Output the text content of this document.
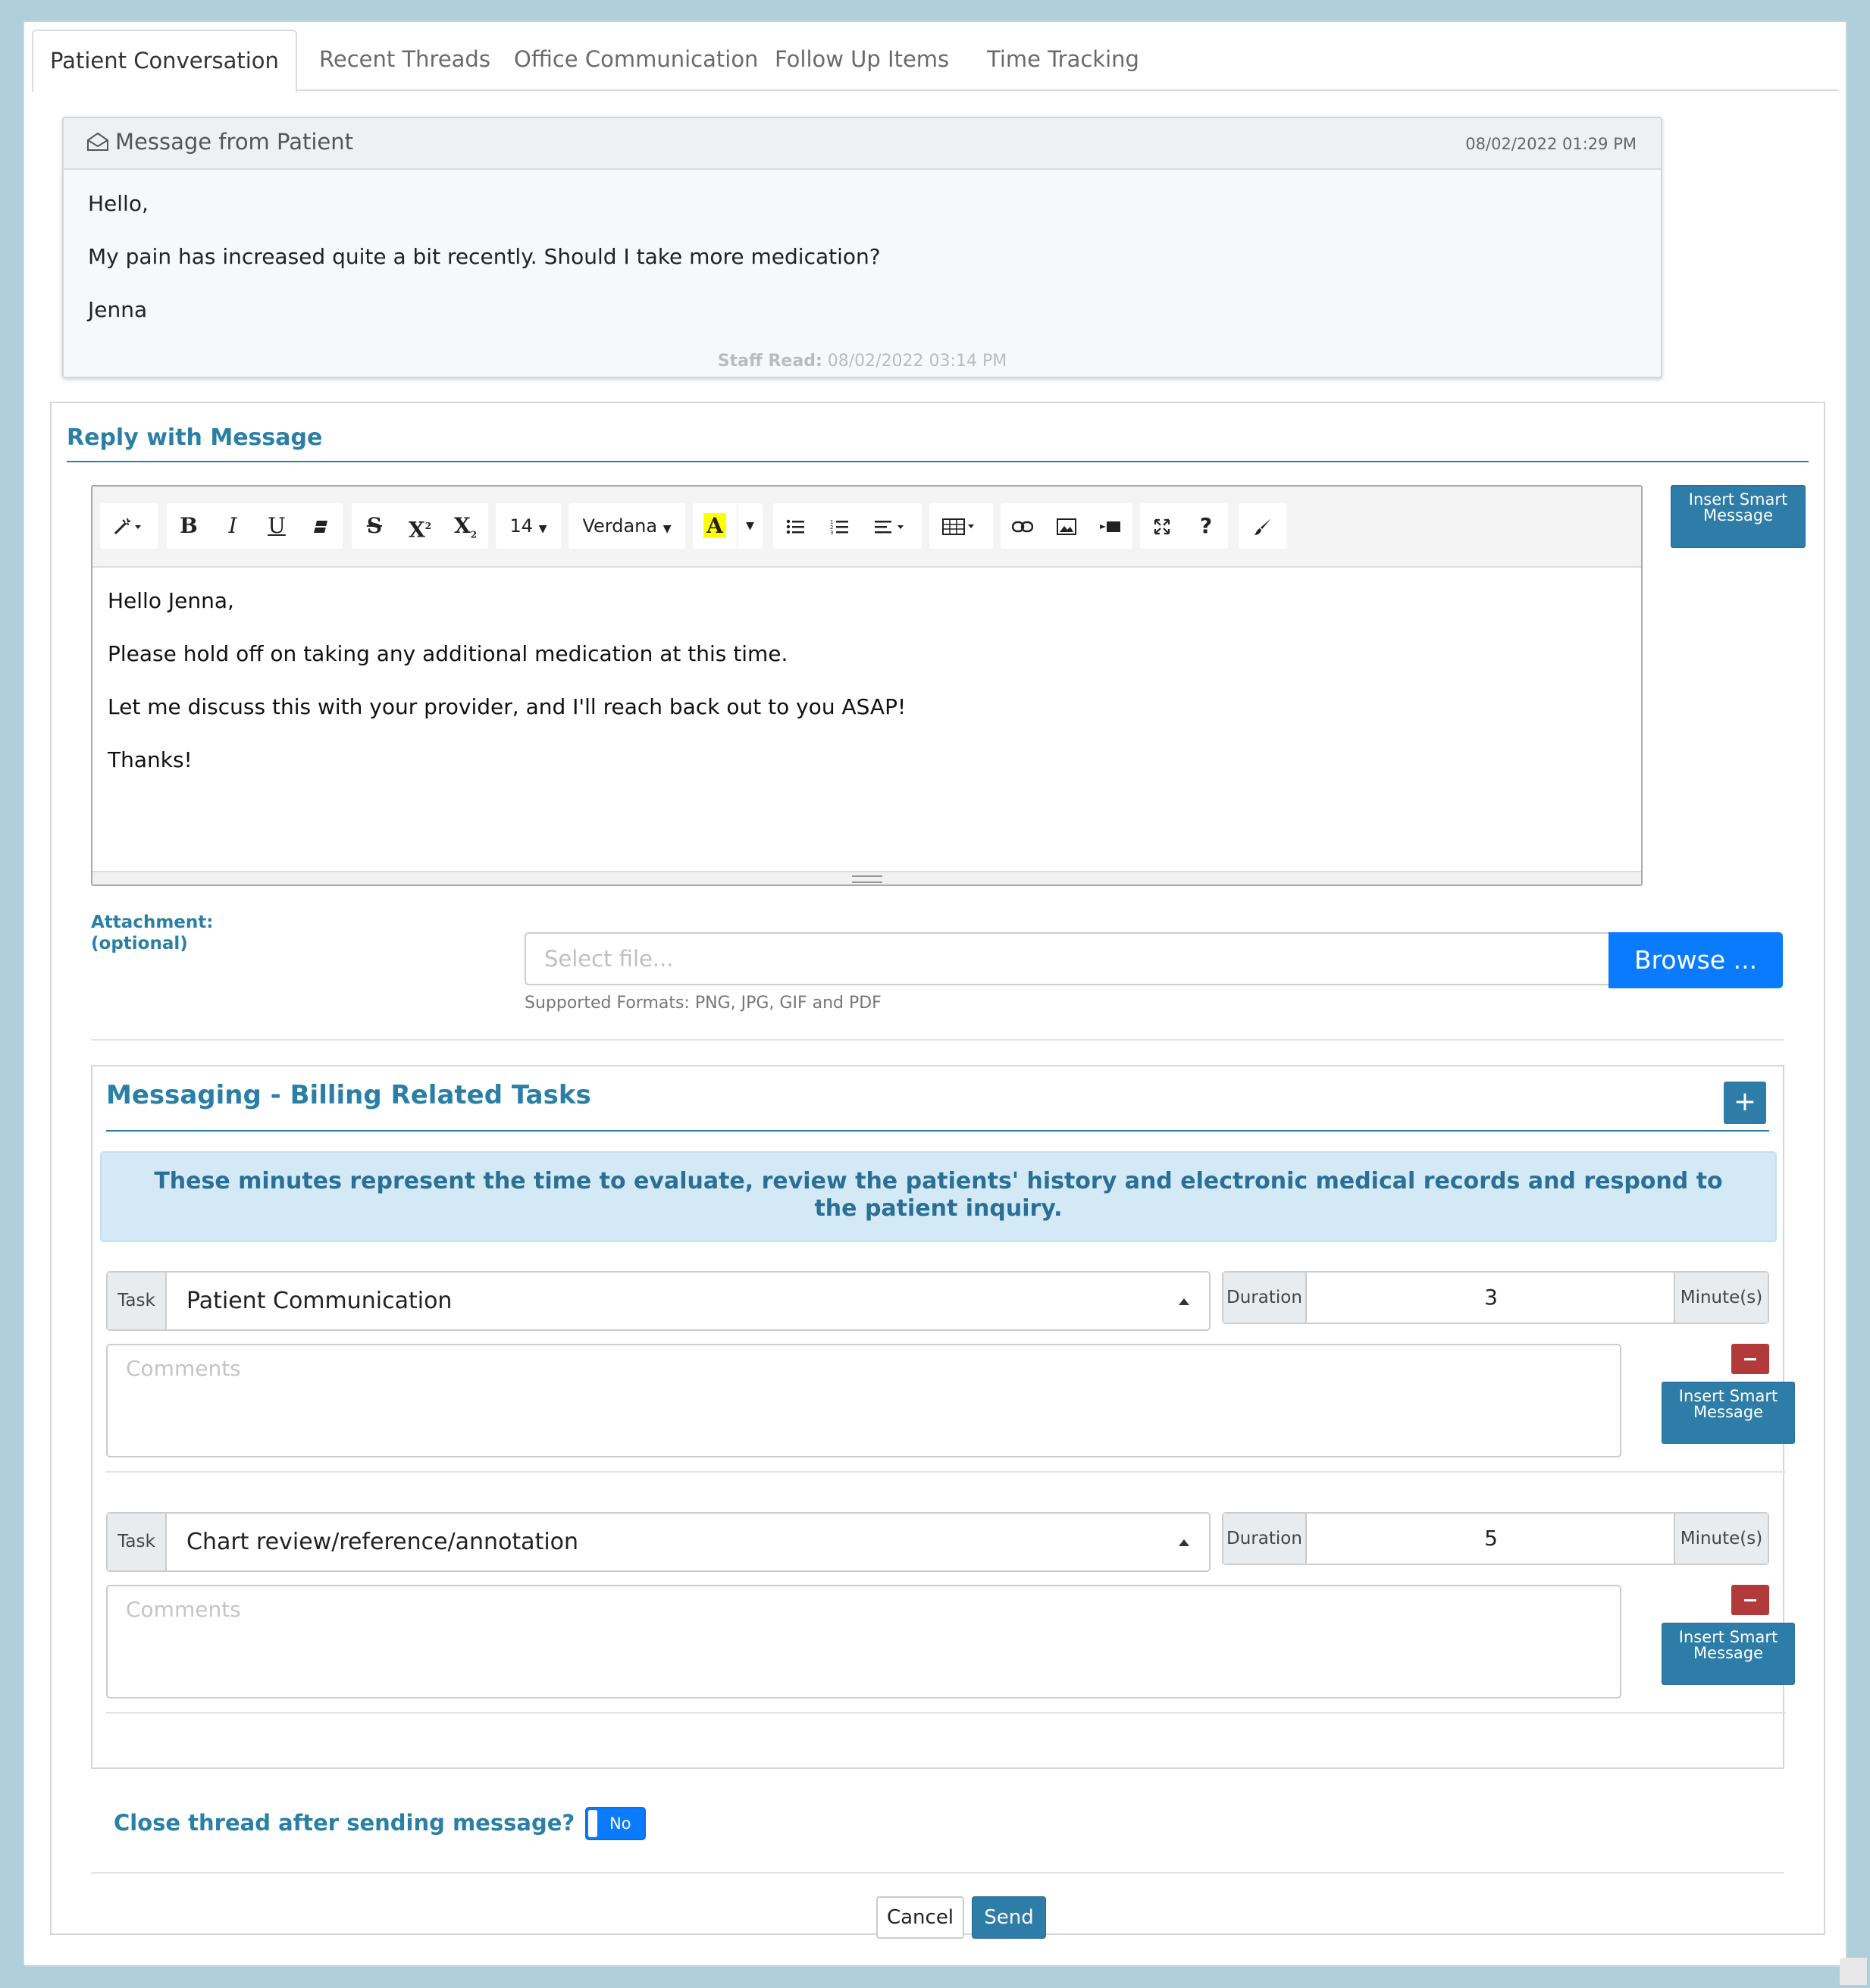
Patient Conversation	Recent Threads	Office Communication Follow Up Items	Time Tracking
Message from Patient	08/02/2022 01:29 PM

Hello,

My pain has increased quite a bit recently. Should I take more medication?

Jenna

Staff Read: 08/02/2022 03:14 PM
Reply with Message
B	I	U	S	$X^2$	$X_2$	14 ▼	Verdana ▼	A	▼	1
2
3	?

Hello Jenna,

Please hold off on taking any additional medication at this time.

Let me discuss this with your provider, and I'll reach back out to you ASAP!

Thanks!

Insert Smart Message
Attachment:
(optional)
Select file...	Browse ...
Supported Formats: PNG, JPG, GIF and PDF
Messaging - Billing Related Tasks	+
These minutes represent the time to evaluate, review the patients' history and electronic medical records and respond to the patient inquiry.
Task	Patient Communication	Duration	3	Minute(s)
Comments
Insert Smart Message
Task	Chart review/reference/annotation	Duration	5	Minute(s)
Comments
Insert Smart Message
Close thread after sending message? No
Cancel	Send
